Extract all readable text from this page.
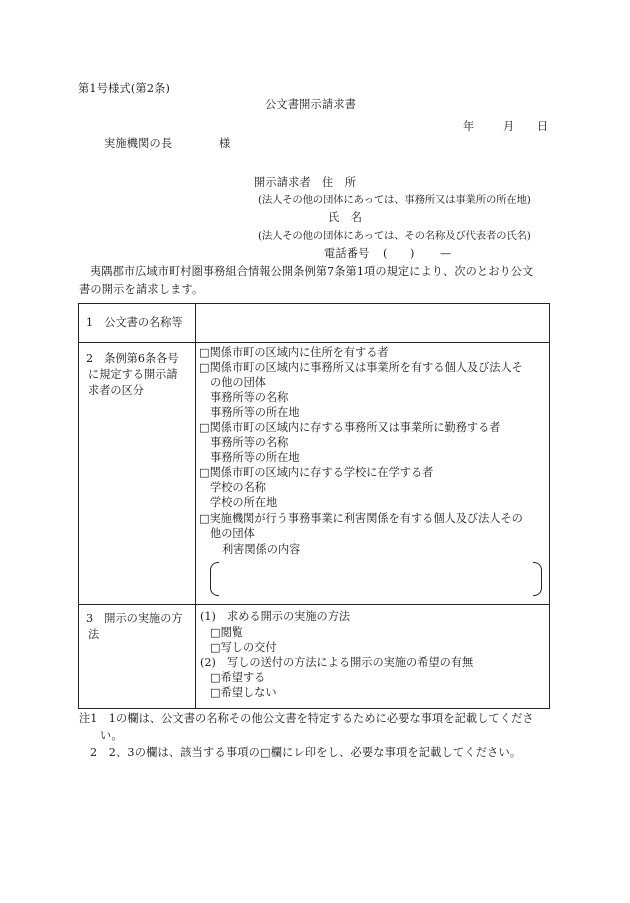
第1号様式(第2条)
公文書開示請求書
年	月 日
実施機関の長	様
開示請求者 住　所
(法人その他の団体にあっては、事務所又は事業所の所在地)
氏　名
(法人その他の団体にあっては、その名称及び代表者の氏名)
電話番号 ( ) —
夷隅郡市広域市町村圏事務組合情報公開条例第7条第1項の規定により、次のとおり公文
書の開示を請求します。
1　公文書の名称等
2　条例第6条各号
に規定する開示請
求者の区分
□関係市町の区域内に住所を有する者
□関係市町の区域内に事務所又は事業所を有する個人及び法人そ
の他の団体
事務所等の名称
事務所等の所在地
□関係市町の区域内に存する事務所又は事業所に勤務する者
事務所等の名称
事務所等の所在地
□関係市町の区域内に存する学校に在学する者
学校の名称
学校の所在地
□実施機関が行う事務事業に利害関係を有する個人及び法人その
他の団体
利害関係の内容
3　開示の実施の方
法
(1)　求める開示の実施の方法
□閲覧
□写しの交付
(2)　写しの送付の方法による開示の実施の希望の有無
□希望する
□希望しない
注1　1の欄は、公文書の名称その他公文書を特定するために必要な事項を記載してくださ
い。
2　2、3の欄は、該当する事項の□欄にレ印をし、必要な事項を記載してください。
